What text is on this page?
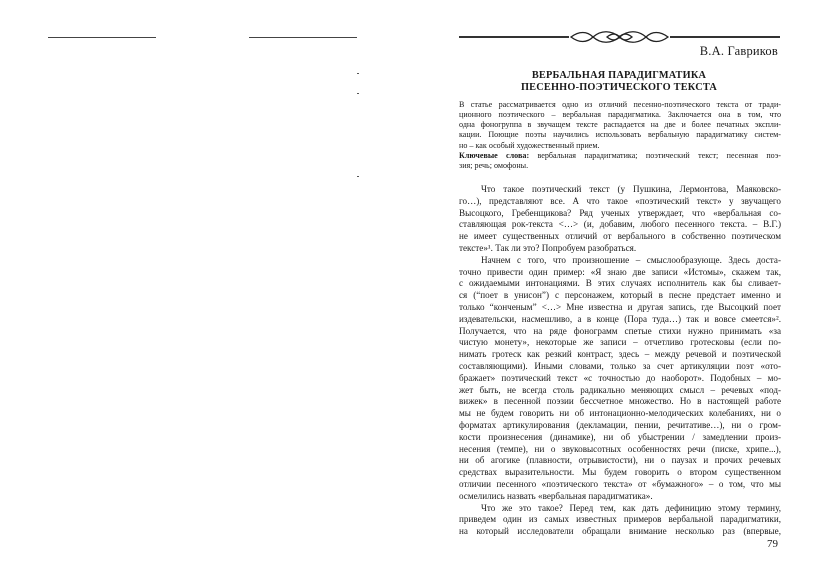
В.А. Гавриков
ВЕРБАЛЬНАЯ ПАРАДИГМАТИКА
ПЕСЕННО-ПОЭТИЧЕСКОГО ТЕКСТА
В статье рассматривается одно из отличий песенно-поэтического текста от тради-
ционного поэтического – вербальная парадигматика. Заключается она в том, что
одна фоногруппа в звучащем тексте распадается на две и более печатных экспли-
кации. Поющие поэты научились использовать вербальную парадигматику систем-
но – как особый художественный прием.
Ключевые слова: вербальная парадигматика; поэтический текст; песенная поэ-
зия; речь; омофоны.
Что такое поэтический текст (у Пушкина, Лермонтова, Маяковско-
го…), представляют все. А что такое «поэтический текст» у звучащего
Высоцкого, Гребенщикова? Ряд ученых утверждает, что «вербальная со-
ставляющая рок-текста <…> (и, добавим, любого песенного текста. – В.Г.)
не имеет существенных отличий от вербального в собственно поэтическом
тексте»¹. Так ли это? Попробуем разобраться.
Начнем с того, что произношение – смыслообразующе. Здесь доста-
точно привести один пример: «Я знаю две записи «Истомы», скажем так,
с ожидаемыми интонациями. В этих случаях исполнитель как бы сливает-
ся (“поет в унисон”) с персонажем, который в песне предстает именно и
только “конченым” <…> Мне известна и другая запись, где Высоцкий поет
издевательски, насмешливо, а в конце (Пора туда…) так и вовсе смеется»².
Получается, что на ряде фонограмм спетые стихи нужно принимать «за
чистую монету», некоторые же записи – отчетливо гротесковы (если по-
нимать гротеск как резкий контраст, здесь – между речевой и поэтической
составляющими). Иными словами, только за счет артикуляции поэт «ото-
бражает» поэтический текст «с точностью до наоборот». Подобных – мо-
жет быть, не всегда столь радикально меняющих смысл – речевых «под-
вижек» в песенной поэзии бессчетное множество. Но в настоящей работе
мы не будем говорить ни об интонационно-мелодических колебаниях, ни о
форматах артикулирования (декламации, пении, речитативе…), ни о гром-
кости произнесения (динамике), ни об убыстрении / замедлении произ-
несения (темпе), ни о звуковысотных особенностях речи (писке, хрипе...),
ни об агогике (плавности, отрывистости), ни о паузах и прочих речевых
средствах выразительности. Мы будем говорить о втором существенном
отличии песенного «поэтического текста» от «бумажного» – о том, что мы
осмелились назвать «вербальная парадигматика».
Что же это такое? Перед тем, как дать дефиницию этому термину,
приведем один из самых известных примеров вербальной парадигматики,
на который исследователи обращали внимание несколько раз (впервые,
79
